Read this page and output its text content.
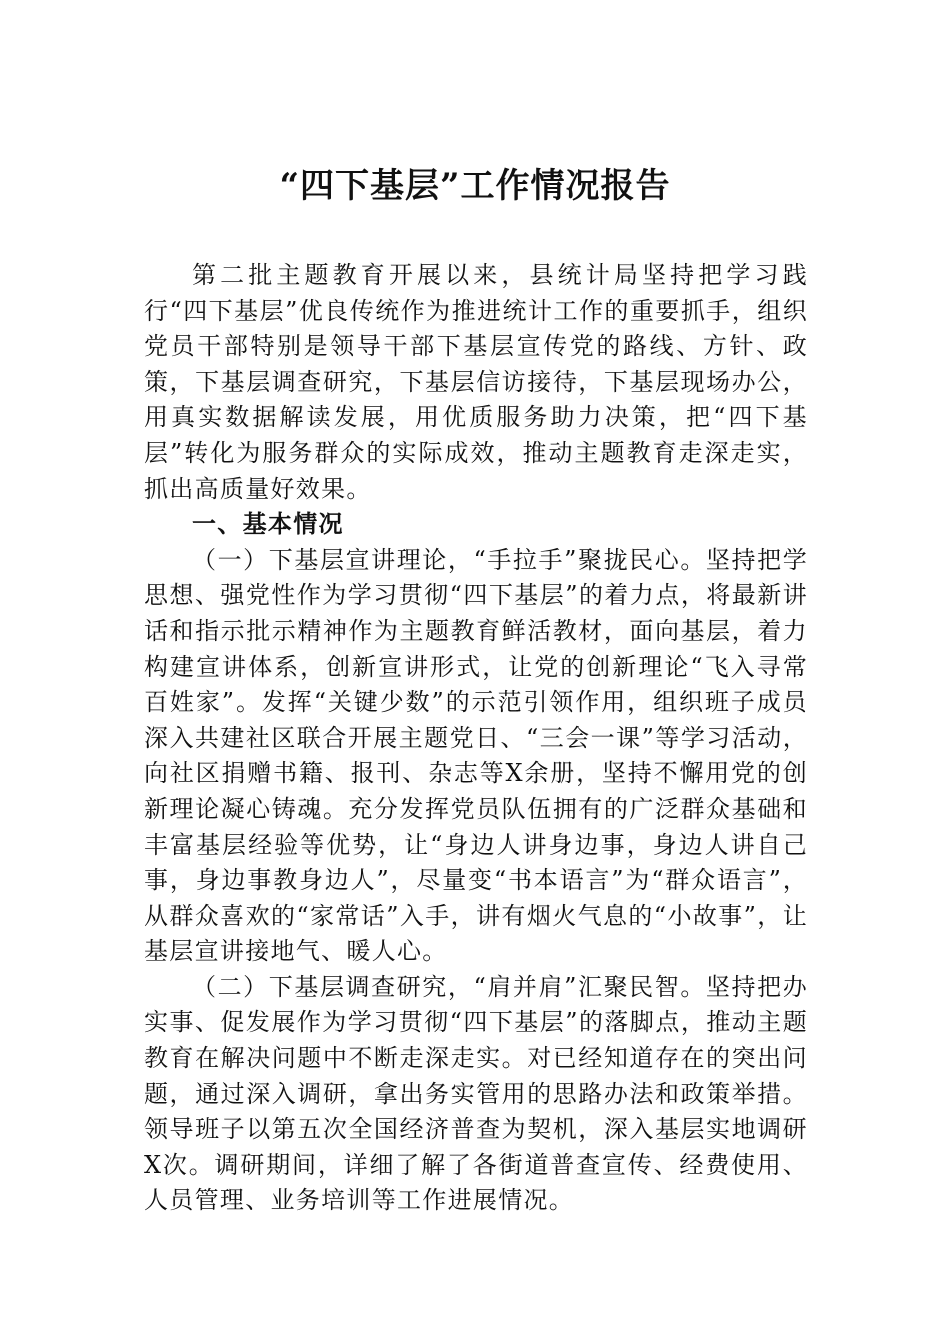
“四下基层”工作情况报告

第二批主题教育开展以来，县统计局坚持把学习践行“四下基层”优良传统作为推进统计工作的重要抓手，组织党员干部特别是领导干部下基层宣传党的路线、方针、政策，下基层调查研究，下基层信访接待，下基层现场办公，用真实数据解读发展，用优质服务助力决策，把“四下基层”转化为服务群众的实际成效，推动主题教育走深走实，抓出高质量好效果。

一、基本情况

（一）下基层宣讲理论，“手拉手”聚拢民心。坚持把学思想、强党性作为学习贯彻“四下基层”的着力点，将最新讲话和指示批示精神作为主题教育鲜活教材，面向基层，着力构建宣讲体系，创新宣讲形式，让党的创新理论“飞入寻常百姓家”。发挥“关键少数”的示范引领作用，组织班子成员深入共建社区联合开展主题党日、“三会一课”等学习活动，向社区捐赠书籍、报刊、杂志等X余册，坚持不懈用党的创新理论凝心铸魂。充分发挥党员队伍拥有的广泛群众基础和丰富基层经验等优势，让“身边人讲身边事，身边人讲自己事，身边事教身边人”，尽量变“书本语言”为“群众语言”，从群众喜欢的“家常话”入手，讲有烟火气息的“小故事”，让基层宣讲接地气、暖人心。

（二）下基层调查研究，“肩并肩”汇聚民智。坚持把办实事、促发展作为学习贯彻“四下基层”的落脚点，推动主题教育在解决问题中不断走深走实。对已经知道存在的突出问题，通过深入调研，拿出务实管用的思路办法和政策举措。领导班子以第五次全国经济普查为契机，深入基层实地调研X次。调研期间，详细了解了各街道普查宣传、经费使用、人员管理、业务培训等工作进展情况。
